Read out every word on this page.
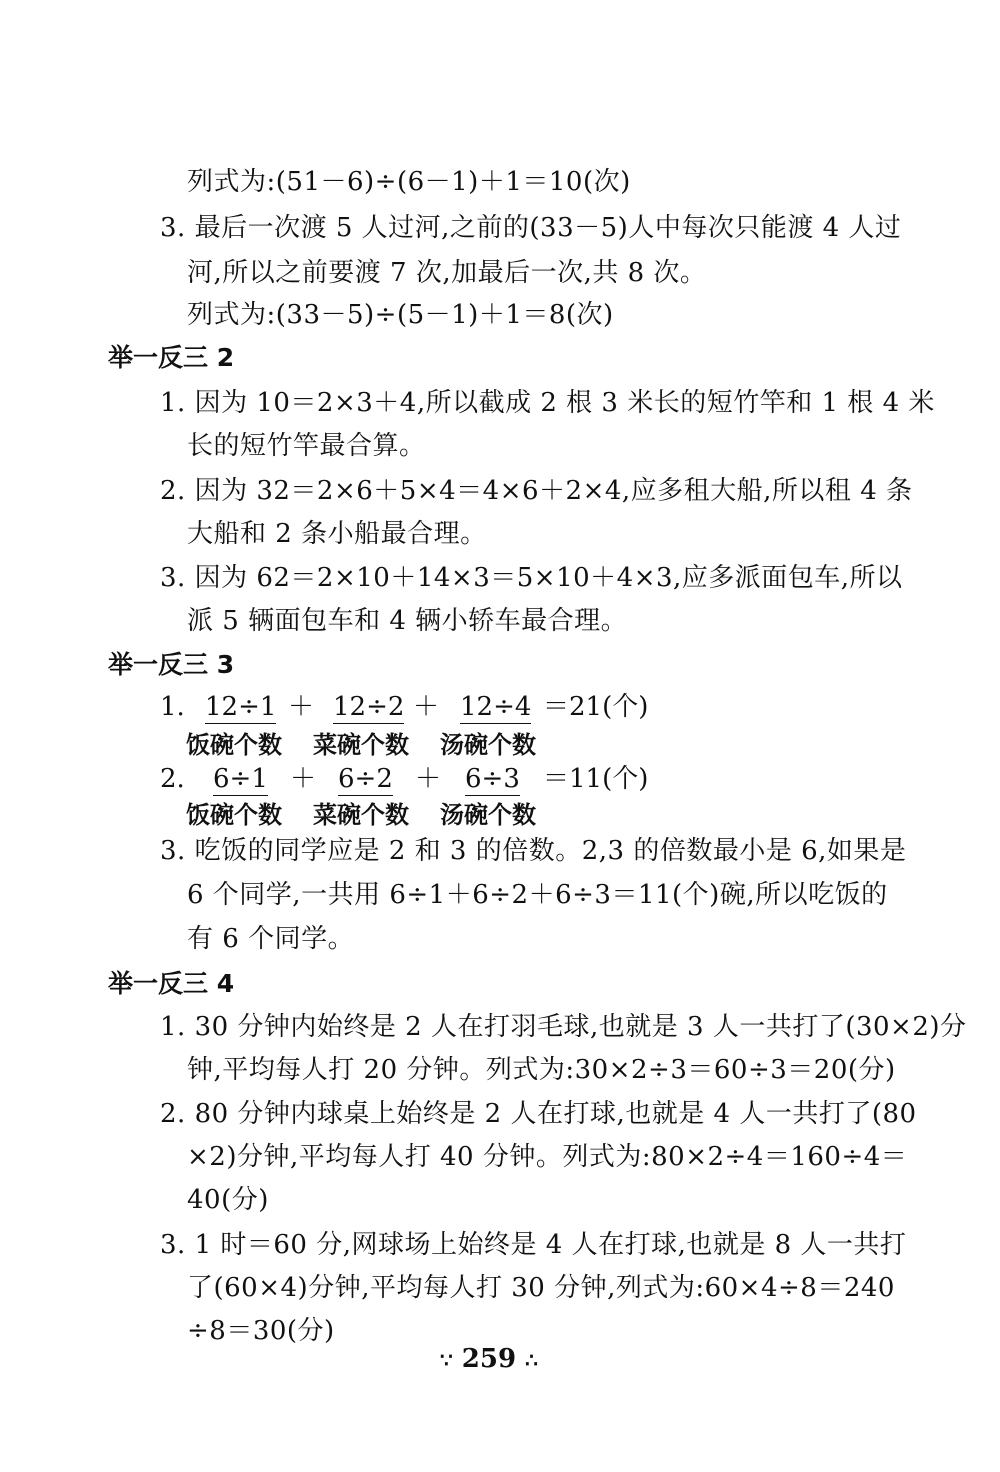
列式为:(51－6)÷(6－1)＋1＝10(次)
3. 最后一次渡 5 人过河,之前的(33－5)人中每次只能渡 4 人过
河,所以之前要渡 7 次,加最后一次,共 8 次。
列式为:(33－5)÷(5－1)＋1＝8(次)
举一反三 2
1. 因为 10＝2×3＋4,所以截成 2 根 3 米长的短竹竿和 1 根 4 米
长的短竹竿最合算。
2. 因为 32＝2×6＋5×4＝4×6＋2×4,应多租大船,所以租 4 条
大船和 2 条小船最合理。
3. 因为 62＝2×10＋14×3＝5×10＋4×3,应多派面包车,所以
派 5 辆面包车和 4 辆小轿车最合理。
举一反三 3
1. 12÷1 ＋ 12÷2 ＋ 12÷4 ＝21(个)
饭碗个数 菜碗个数 汤碗个数
2. 6÷1 ＋ 6÷2 ＋ 6÷3 ＝11(个)
饭碗个数 菜碗个数 汤碗个数
3. 吃饭的同学应是 2 和 3 的倍数。2,3 的倍数最小是 6,如果是
6 个同学,一共用 6÷1＋6÷2＋6÷3＝11(个)碗,所以吃饭的
有 6 个同学。
举一反三 4
1. 30 分钟内始终是 2 人在打羽毛球,也就是 3 人一共打了(30×2)分
钟,平均每人打 20 分钟。列式为:30×2÷3＝60÷3＝20(分)
2. 80 分钟内球桌上始终是 2 人在打球,也就是 4 人一共打了(80
×2)分钟,平均每人打 40 分钟。列式为:80×2÷4＝160÷4＝
40(分)
3. 1 时＝60 分,网球场上始终是 4 人在打球,也就是 8 人一共打
了(60×4)分钟,平均每人打 30 分钟,列式为:60×4÷8＝240
÷8＝30(分)
∵ 259 ∴
